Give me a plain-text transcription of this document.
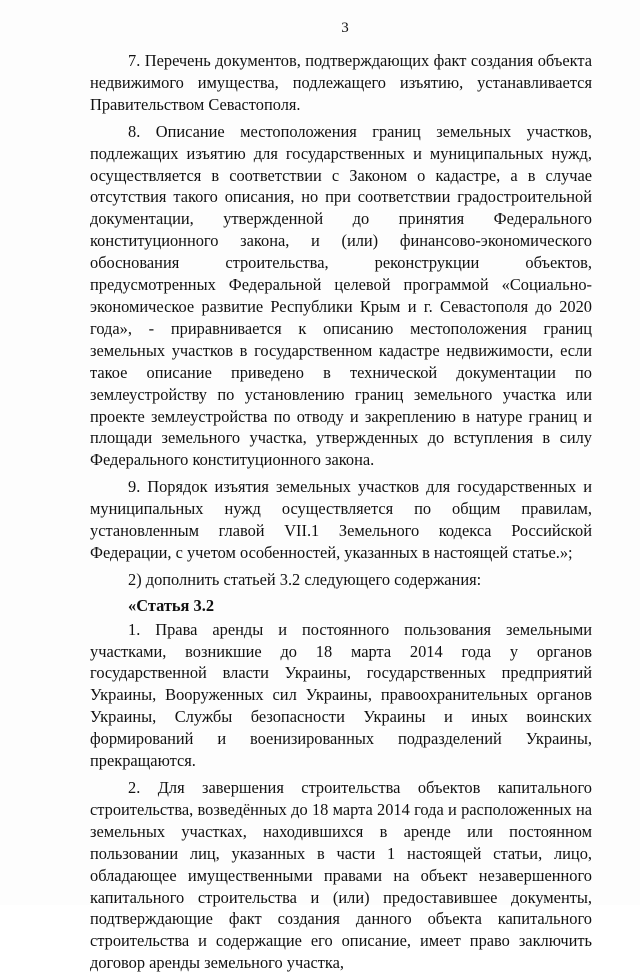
3

7. Перечень документов, подтверждающих факт создания объекта недвижимого имущества, подлежащего изъятию, устанавливается Правительством Севастополя.

8. Описание местоположения границ земельных участков, подлежащих изъятию для государственных и муниципальных нужд, осуществляется в соответствии с Законом о кадастре, а в случае отсутствия такого описания, но при соответствии градостроительной документации, утвержденной до принятия Федерального конституционного закона, и (или) финансово-экономического обоснования строительства, реконструкции объектов, предусмотренных Федеральной целевой программой «Социально-экономическое развитие Республики Крым и г. Севастополя до 2020 года», - приравнивается к описанию местоположения границ земельных участков в государственном кадастре недвижимости, если такое описание приведено в технической документации по землеустройству по установлению границ земельного участка или проекте землеустройства по отводу и закреплению в натуре границ и площади земельного участка, утвержденных до вступления в силу Федерального конституционного закона.

9. Порядок изъятия земельных участков для государственных и муниципальных нужд осуществляется по общим правилам, установленным главой VII.1 Земельного кодекса Российской Федерации, с учетом особенностей, указанных в настоящей статье.»;

2) дополнить статьей 3.2 следующего содержания:

«Статья 3.2

1. Права аренды и постоянного пользования земельными участками, возникшие до 18 марта 2014 года у органов государственной власти Украины, государственных предприятий Украины, Вооруженных сил Украины, правоохранительных органов Украины, Службы безопасности Украины и иных воинских формирований и военизированных подразделений Украины, прекращаются.

2. Для завершения строительства объектов капитального строительства, возведённых до 18 марта 2014 года и расположенных на земельных участках, находившихся в аренде или постоянном пользовании лиц, указанных в части 1 настоящей статьи, лицо, обладающее имущественными правами на объект незавершенного капитального строительства и (или) предоставившее документы, подтверждающие факт создания данного объекта капитального строительства и содержащие его описание, имеет право заключить договор аренды земельного участка,
